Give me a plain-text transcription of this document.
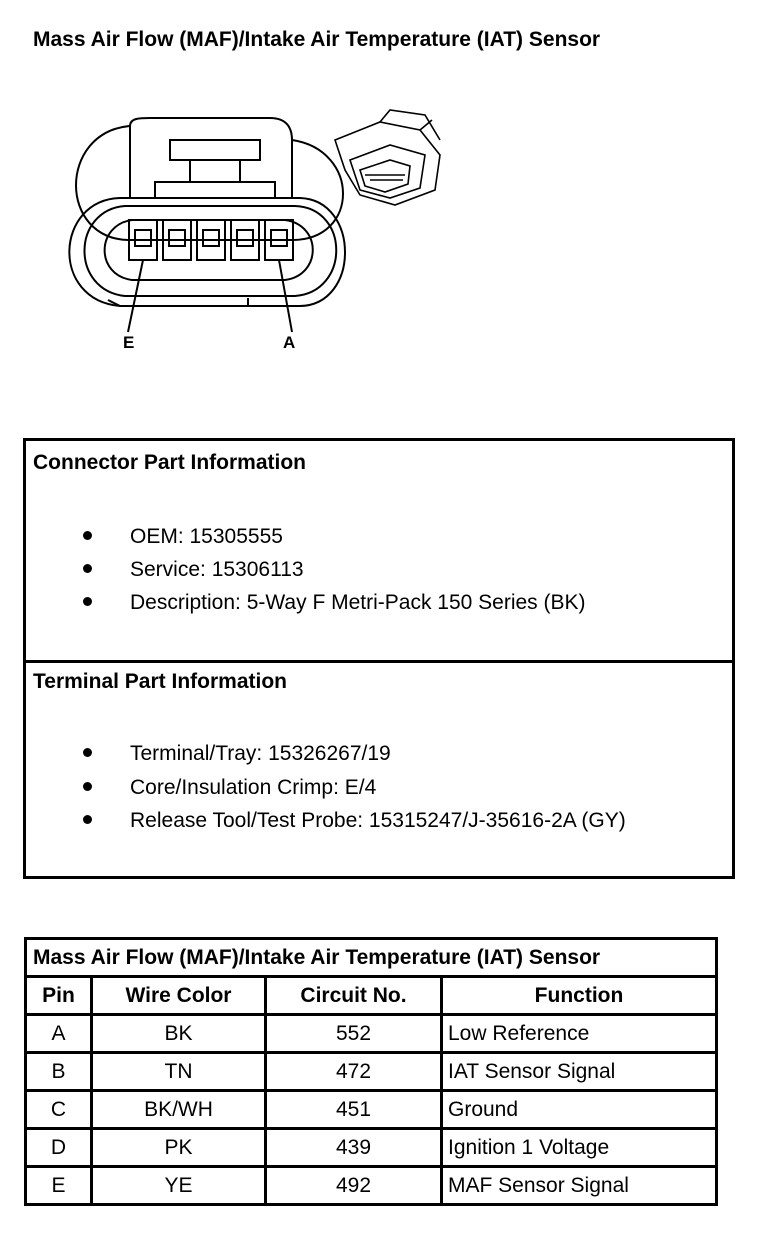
Mass Air Flow (MAF)/Intake Air Temperature (IAT) Sensor
E	A
Connector Part Information
OEM: 15305555
Service: 15306113
Description: 5-Way F Metri-Pack 150 Series (BK)
Terminal Part Information
Terminal/Tray: 15326267/19
Core/Insulation Crimp: E/4
Release Tool/Test Probe: 15315247/J-35616-2A (GY)
Mass Air Flow (MAF)/Intake Air Temperature (IAT) Sensor			
Pin	Wire Color	Circuit No.	Function
A	BK	552	Low Reference
B	TN	472	IAT Sensor Signal
C	BK/WH	451	Ground
D	PK	439	Ignition 1 Voltage
E	YE	492	MAF Sensor Signal
